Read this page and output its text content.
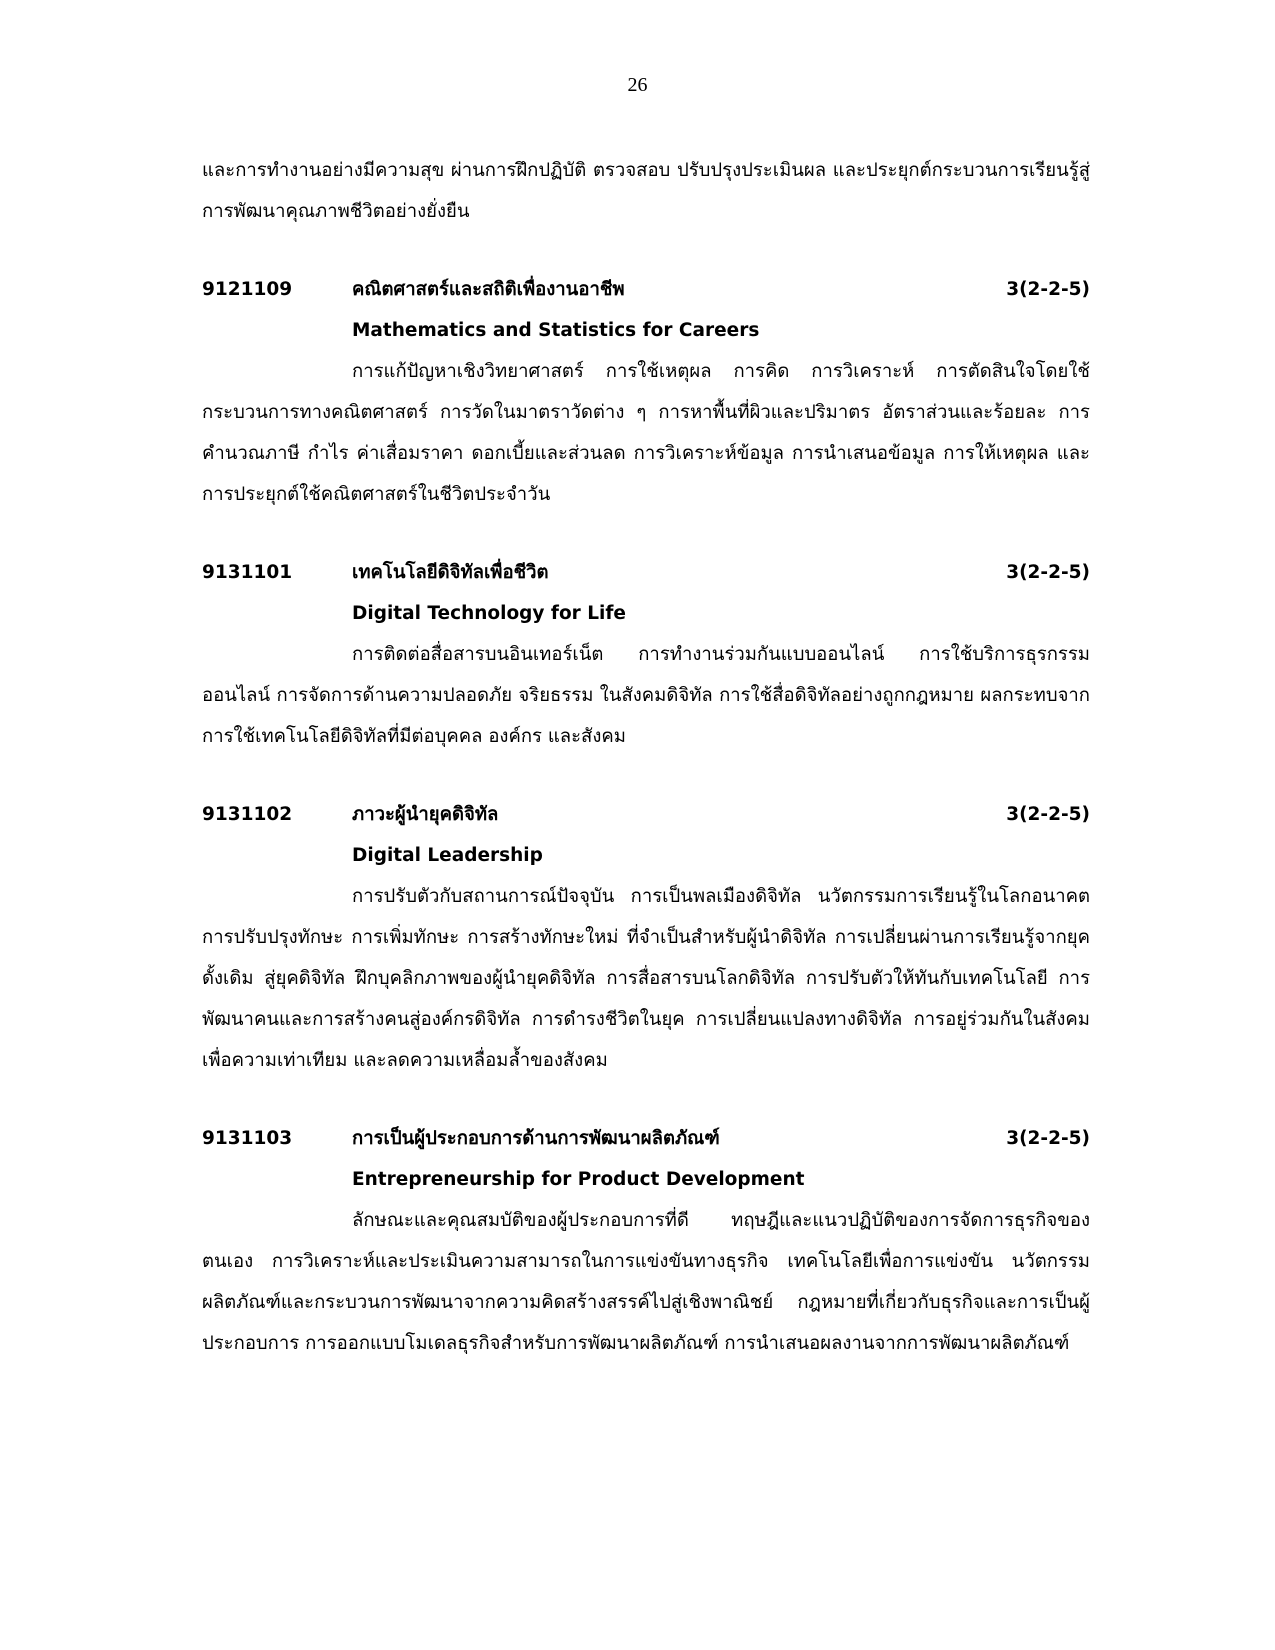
26

และการทำงานอย่างมีความสุข ผ่านการฝึกปฏิบัติ ตรวจสอบ ปรับปรุงประเมินผล และประยุกต์กระบวนการเรียนรู้สู่การพัฒนาคุณภาพชีวิตอย่างยั่งยืน

9121109	คณิตศาสตร์และสถิติเพื่องานอาชีพ	3(2-2-5)
Mathematics and Statistics for Careers

การแก้ปัญหาเชิงวิทยาศาสตร์ การใช้เหตุผล การคิด การวิเคราะห์ การตัดสินใจโดยใช้กระบวนการทางคณิตศาสตร์ การวัดในมาตราวัดต่าง ๆ การหาพื้นที่ผิวและปริมาตร อัตราส่วนและร้อยละ การคำนวณภาษี กำไร ค่าเสื่อมราคา ดอกเบี้ยและส่วนลด การวิเคราะห์ข้อมูล การนำเสนอข้อมูล การให้เหตุผล และการประยุกต์ใช้คณิตศาสตร์ในชีวิตประจำวัน

9131101	เทคโนโลยีดิจิทัลเพื่อชีวิต	3(2-2-5)
Digital Technology for Life

การติดต่อสื่อสารบนอินเทอร์เน็ต การทำงานร่วมกันแบบออนไลน์ การใช้บริการธุรกรรมออนไลน์ การจัดการด้านความปลอดภัย จริยธรรม ในสังคมดิจิทัล การใช้สื่อดิจิทัลอย่างถูกกฎหมาย ผลกระทบจากการใช้เทคโนโลยีดิจิทัลที่มีต่อบุคคล องค์กร และสังคม

9131102	ภาวะผู้นำยุคดิจิทัล	3(2-2-5)
Digital Leadership

การปรับตัวกับสถานการณ์ปัจจุบัน การเป็นพลเมืองดิจิทัล นวัตกรรมการเรียนรู้ในโลกอนาคต การปรับปรุงทักษะ การเพิ่มทักษะ การสร้างทักษะใหม่ ที่จำเป็นสำหรับผู้นำดิจิทัล การเปลี่ยนผ่านการเรียนรู้จากยุคดั้งเดิม สู่ยุคดิจิทัล ฝึกบุคลิกภาพของผู้นำยุคดิจิทัล การสื่อสารบนโลกดิจิทัล การปรับตัวให้ทันกับเทคโนโลยี การพัฒนาคนและการสร้างคนสู่องค์กรดิจิทัล การดำรงชีวิตในยุค การเปลี่ยนแปลงทางดิจิทัล การอยู่ร่วมกันในสังคมเพื่อความเท่าเทียม และลดความเหลื่อมล้ำของสังคม

9131103	การเป็นผู้ประกอบการด้านการพัฒนาผลิตภัณฑ์	3(2-2-5)
Entrepreneurship for Product Development

ลักษณะและคุณสมบัติของผู้ประกอบการที่ดี ทฤษฎีและแนวปฏิบัติของการจัดการธุรกิจของตนเอง การวิเคราะห์และประเมินความสามารถในการแข่งขันทางธุรกิจ เทคโนโลยีเพื่อการแข่งขัน นวัตกรรมผลิตภัณฑ์และกระบวนการพัฒนาจากความคิดสร้างสรรค์ไปสู่เชิงพาณิชย์ กฎหมายที่เกี่ยวกับธุรกิจและการเป็นผู้ประกอบการ การออกแบบโมเดลธุรกิจสำหรับการพัฒนาผลิตภัณฑ์ การนำเสนอผลงานจากการพัฒนาผลิตภัณฑ์
